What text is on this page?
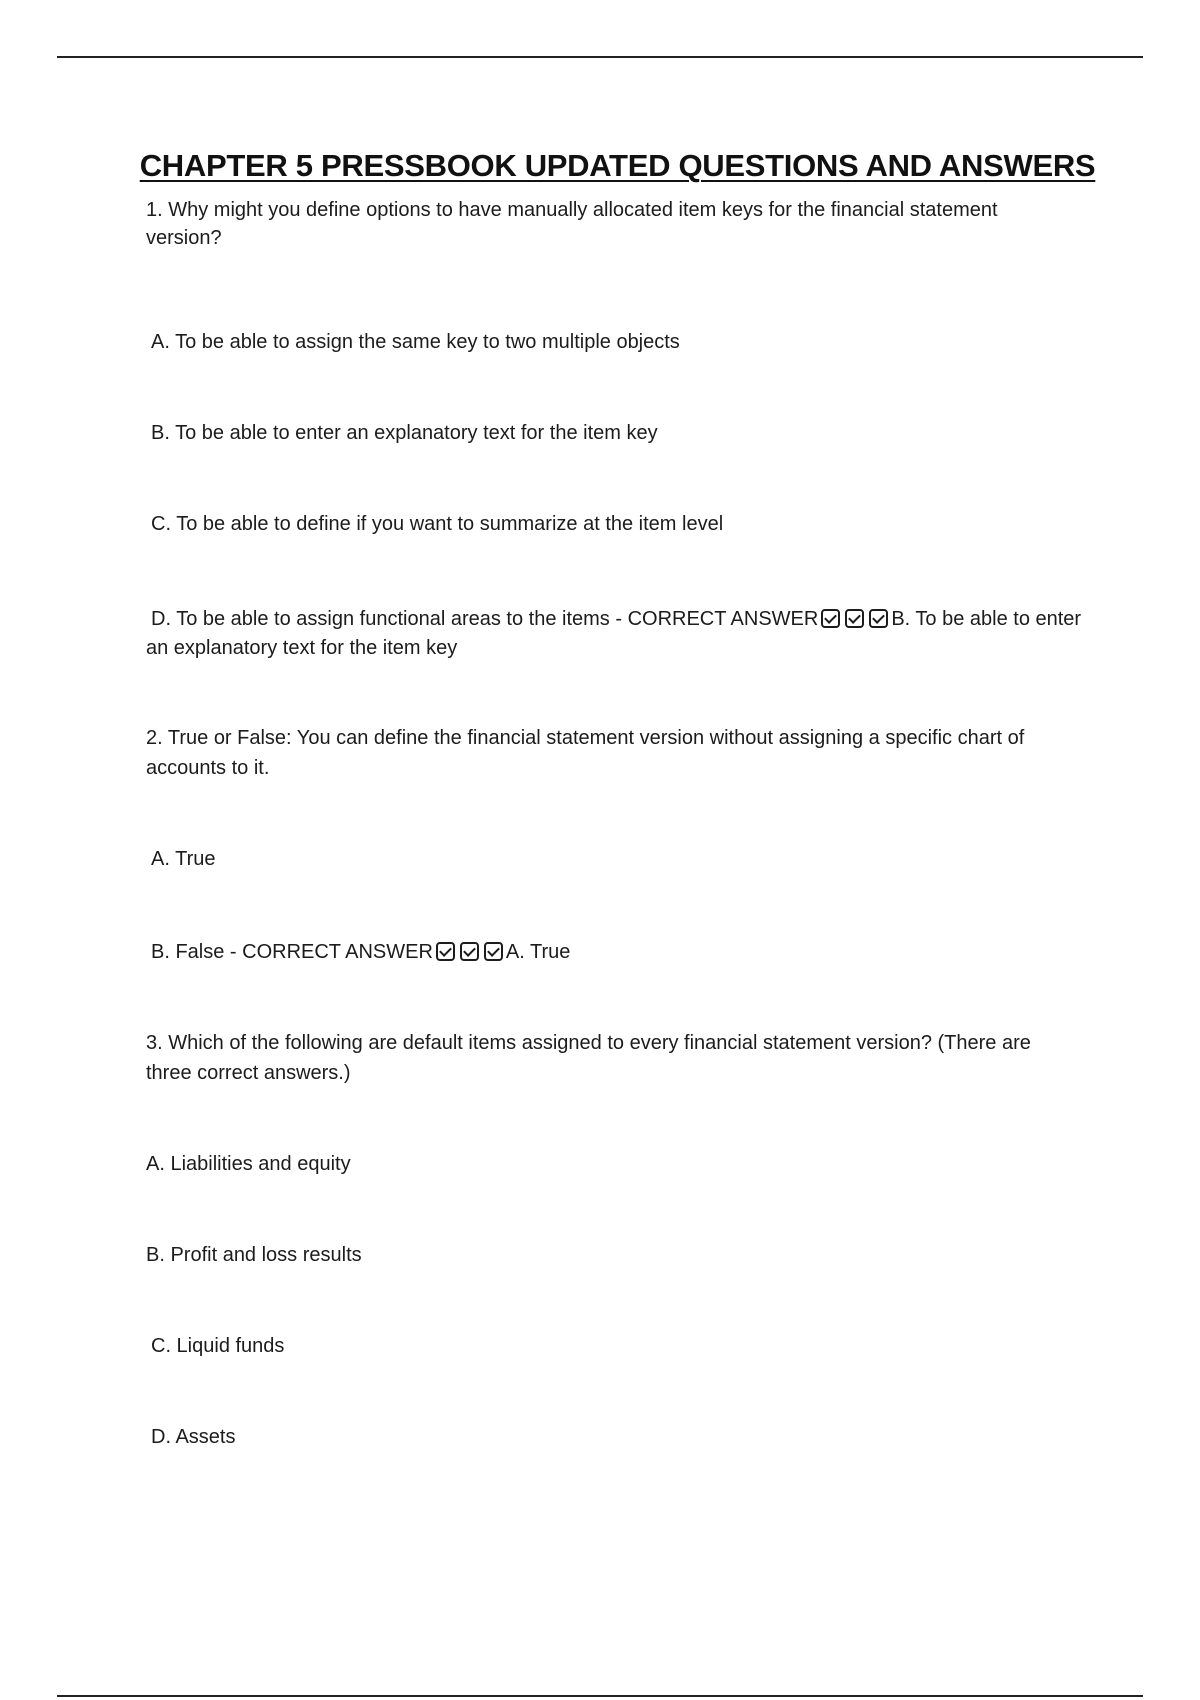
CHAPTER 5 PRESSBOOK UPDATED QUESTIONS AND ANSWERS
1. Why might you define options to have manually allocated item keys for the financial statement
version?
A. To be able to assign the same key to two multiple objects
B. To be able to enter an explanatory text for the item key
C. To be able to define if you want to summarize at the item level
D. To be able to assign functional areas to the items - CORRECT ANSWER	B. To be able to enter
an explanatory text for the item key
2. True or False: You can define the financial statement version without assigning a specific chart of
accounts to it.
A. True
B. False - CORRECT ANSWER	A. True
3. Which of the following are default items assigned to every financial statement version? (There are
three correct answers.)
A. Liabilities and equity
B. Profit and loss results
C. Liquid funds
D. Assets
